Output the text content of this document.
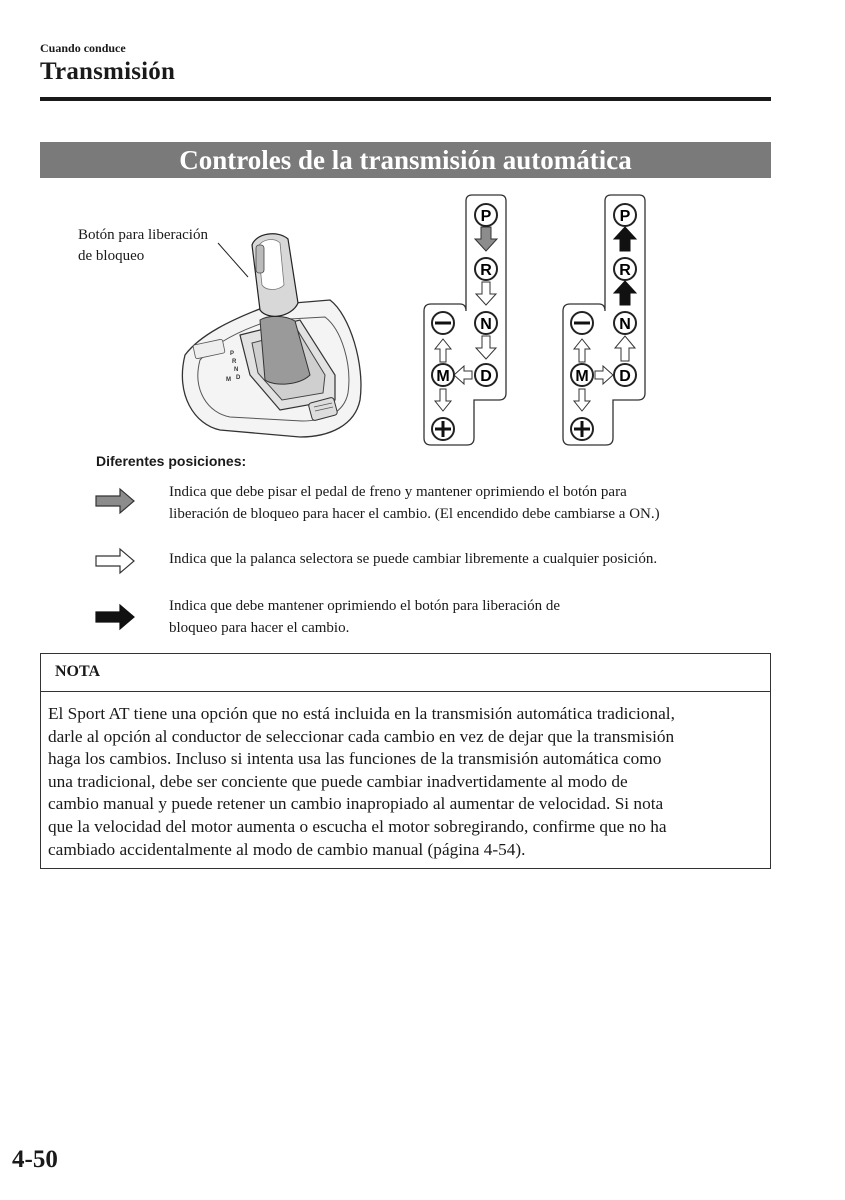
Cuando conduce
Transmisión
Controles de la transmisión automática
Botón para liberación
de bloqueo
P
R
N
D
M
P
R
N
D
M
P
R
N
D
M
Diferentes posiciones:
Indica que debe pisar el pedal de freno y mantener oprimiendo el botón para
liberación de bloqueo para hacer el cambio. (El encendido debe cambiarse a ON.)
Indica que la palanca selectora se puede cambiar libremente a cualquier posición.
Indica que debe mantener oprimiendo el botón para liberación de
bloqueo para hacer el cambio.
NOTA
El Sport AT tiene una opción que no está incluida en la transmisión automática tradicional,
darle al opción al conductor de seleccionar cada cambio en vez de dejar que la transmisión
haga los cambios. Incluso si intenta usa las funciones de la transmisión automática como
una tradicional, debe ser conciente que puede cambiar inadvertidamente al modo de
cambio manual y puede retener un cambio inapropiado al aumentar de velocidad. Si nota
que la velocidad del motor aumenta o escucha el motor sobregirando, confirme que no ha
cambiado accidentalmente al modo de cambio manual (página 4-54).
4-50
